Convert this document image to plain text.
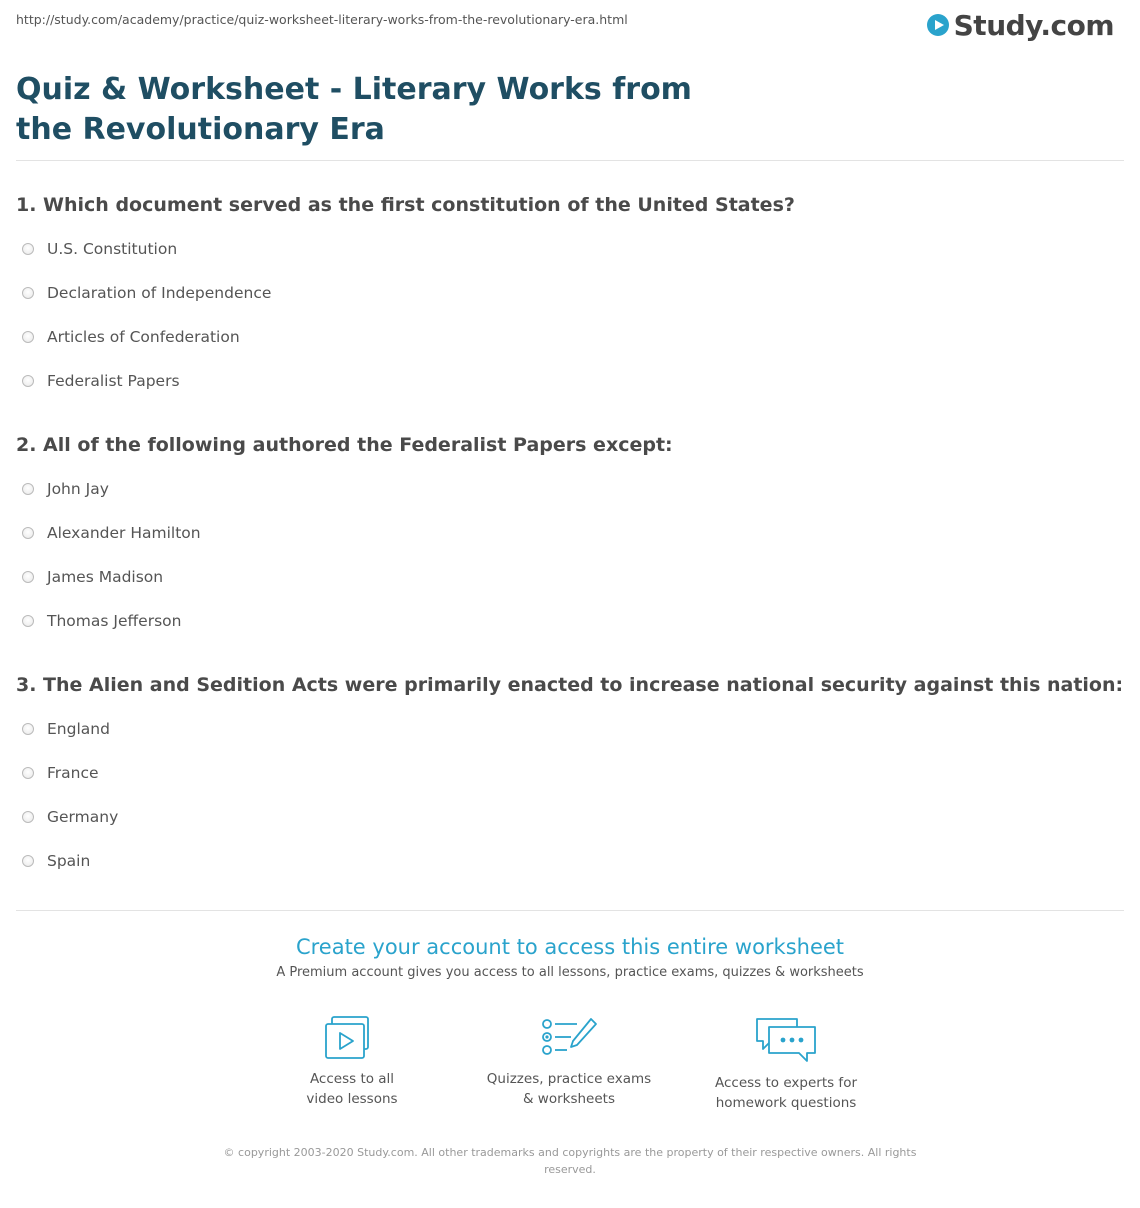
http://study.com/academy/practice/quiz-worksheet-literary-works-from-the-revolutionary-era.html	Study.com
Quiz & Worksheet - Literary Works from the Revolutionary Era
1. Which document served as the first constitution of the United States?
U.S. Constitution
Declaration of Independence
Articles of Confederation
Federalist Papers
2. All of the following authored the Federalist Papers except:
John Jay
Alexander Hamilton
James Madison
Thomas Jefferson
3. The Alien and Sedition Acts were primarily enacted to increase national security against this nation:
England
France
Germany
Spain
Create your account to access this entire worksheet
A Premium account gives you access to all lessons, practice exams, quizzes & worksheets
Access to all
video lessons
Quizzes, practice exams
& worksheets
Access to experts for
homework questions
© copyright 2003-2020 Study.com. All other trademarks and copyrights are the property of their respective owners. All rights reserved.
